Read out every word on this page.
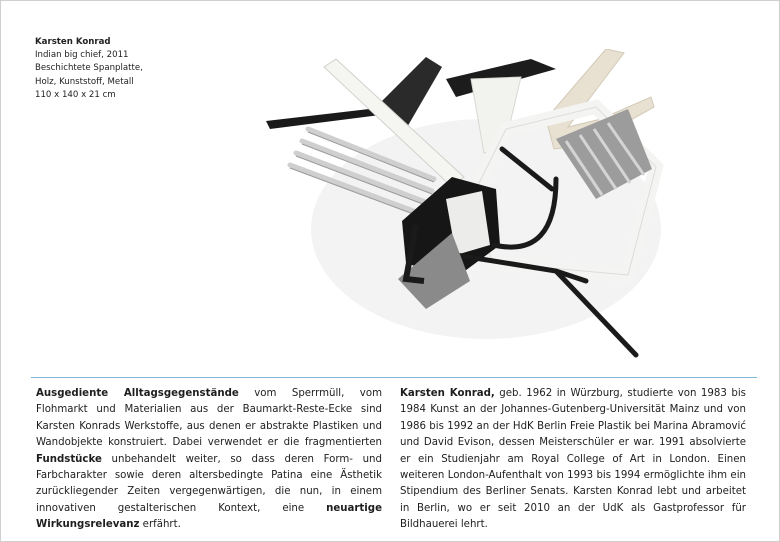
Karsten Konrad
Indian big chief, 2011
Beschichtete Spanplatte,
Holz, Kunststoff, Metall
110 x 140 x 21 cm
Ausgediente Alltagsgegenstände vom Sperrmüll, vom Flohmarkt und Materialien aus der Baumarkt-Reste-Ecke sind Karsten Konrads Werkstoffe, aus denen er abstrakte Plastiken und Wandobjekte konstruiert. Dabei verwendet er die fragmentierten Fundstücke unbehandelt weiter, so dass deren Form- und Farbcharakter sowie deren altersbedingte Patina eine Ästhetik zurückliegender Zeiten vergegenwärtigen, die nun, in einem innovativen gestalterischen Kontext, eine neuartige Wirkungsrelevanz erfährt.
Karsten Konrad, geb. 1962 in Würzburg, studierte von 1983 bis 1984 Kunst an der Johannes-Gutenberg-Universität Mainz und von 1986 bis 1992 an der HdK Berlin Freie Plastik bei Marina Abramović und David Evison, dessen Meisterschüler er war. 1991 absolvierte er ein Studienjahr am Royal College of Art in London. Einen weiteren London-Aufenthalt von 1993 bis 1994 ermöglichte ihm ein Stipendium des Berliner Senats. Karsten Konrad lebt und arbeitet in Berlin, wo er seit 2010 an der UdK als Gastprofessor für Bildhauerei lehrt.
